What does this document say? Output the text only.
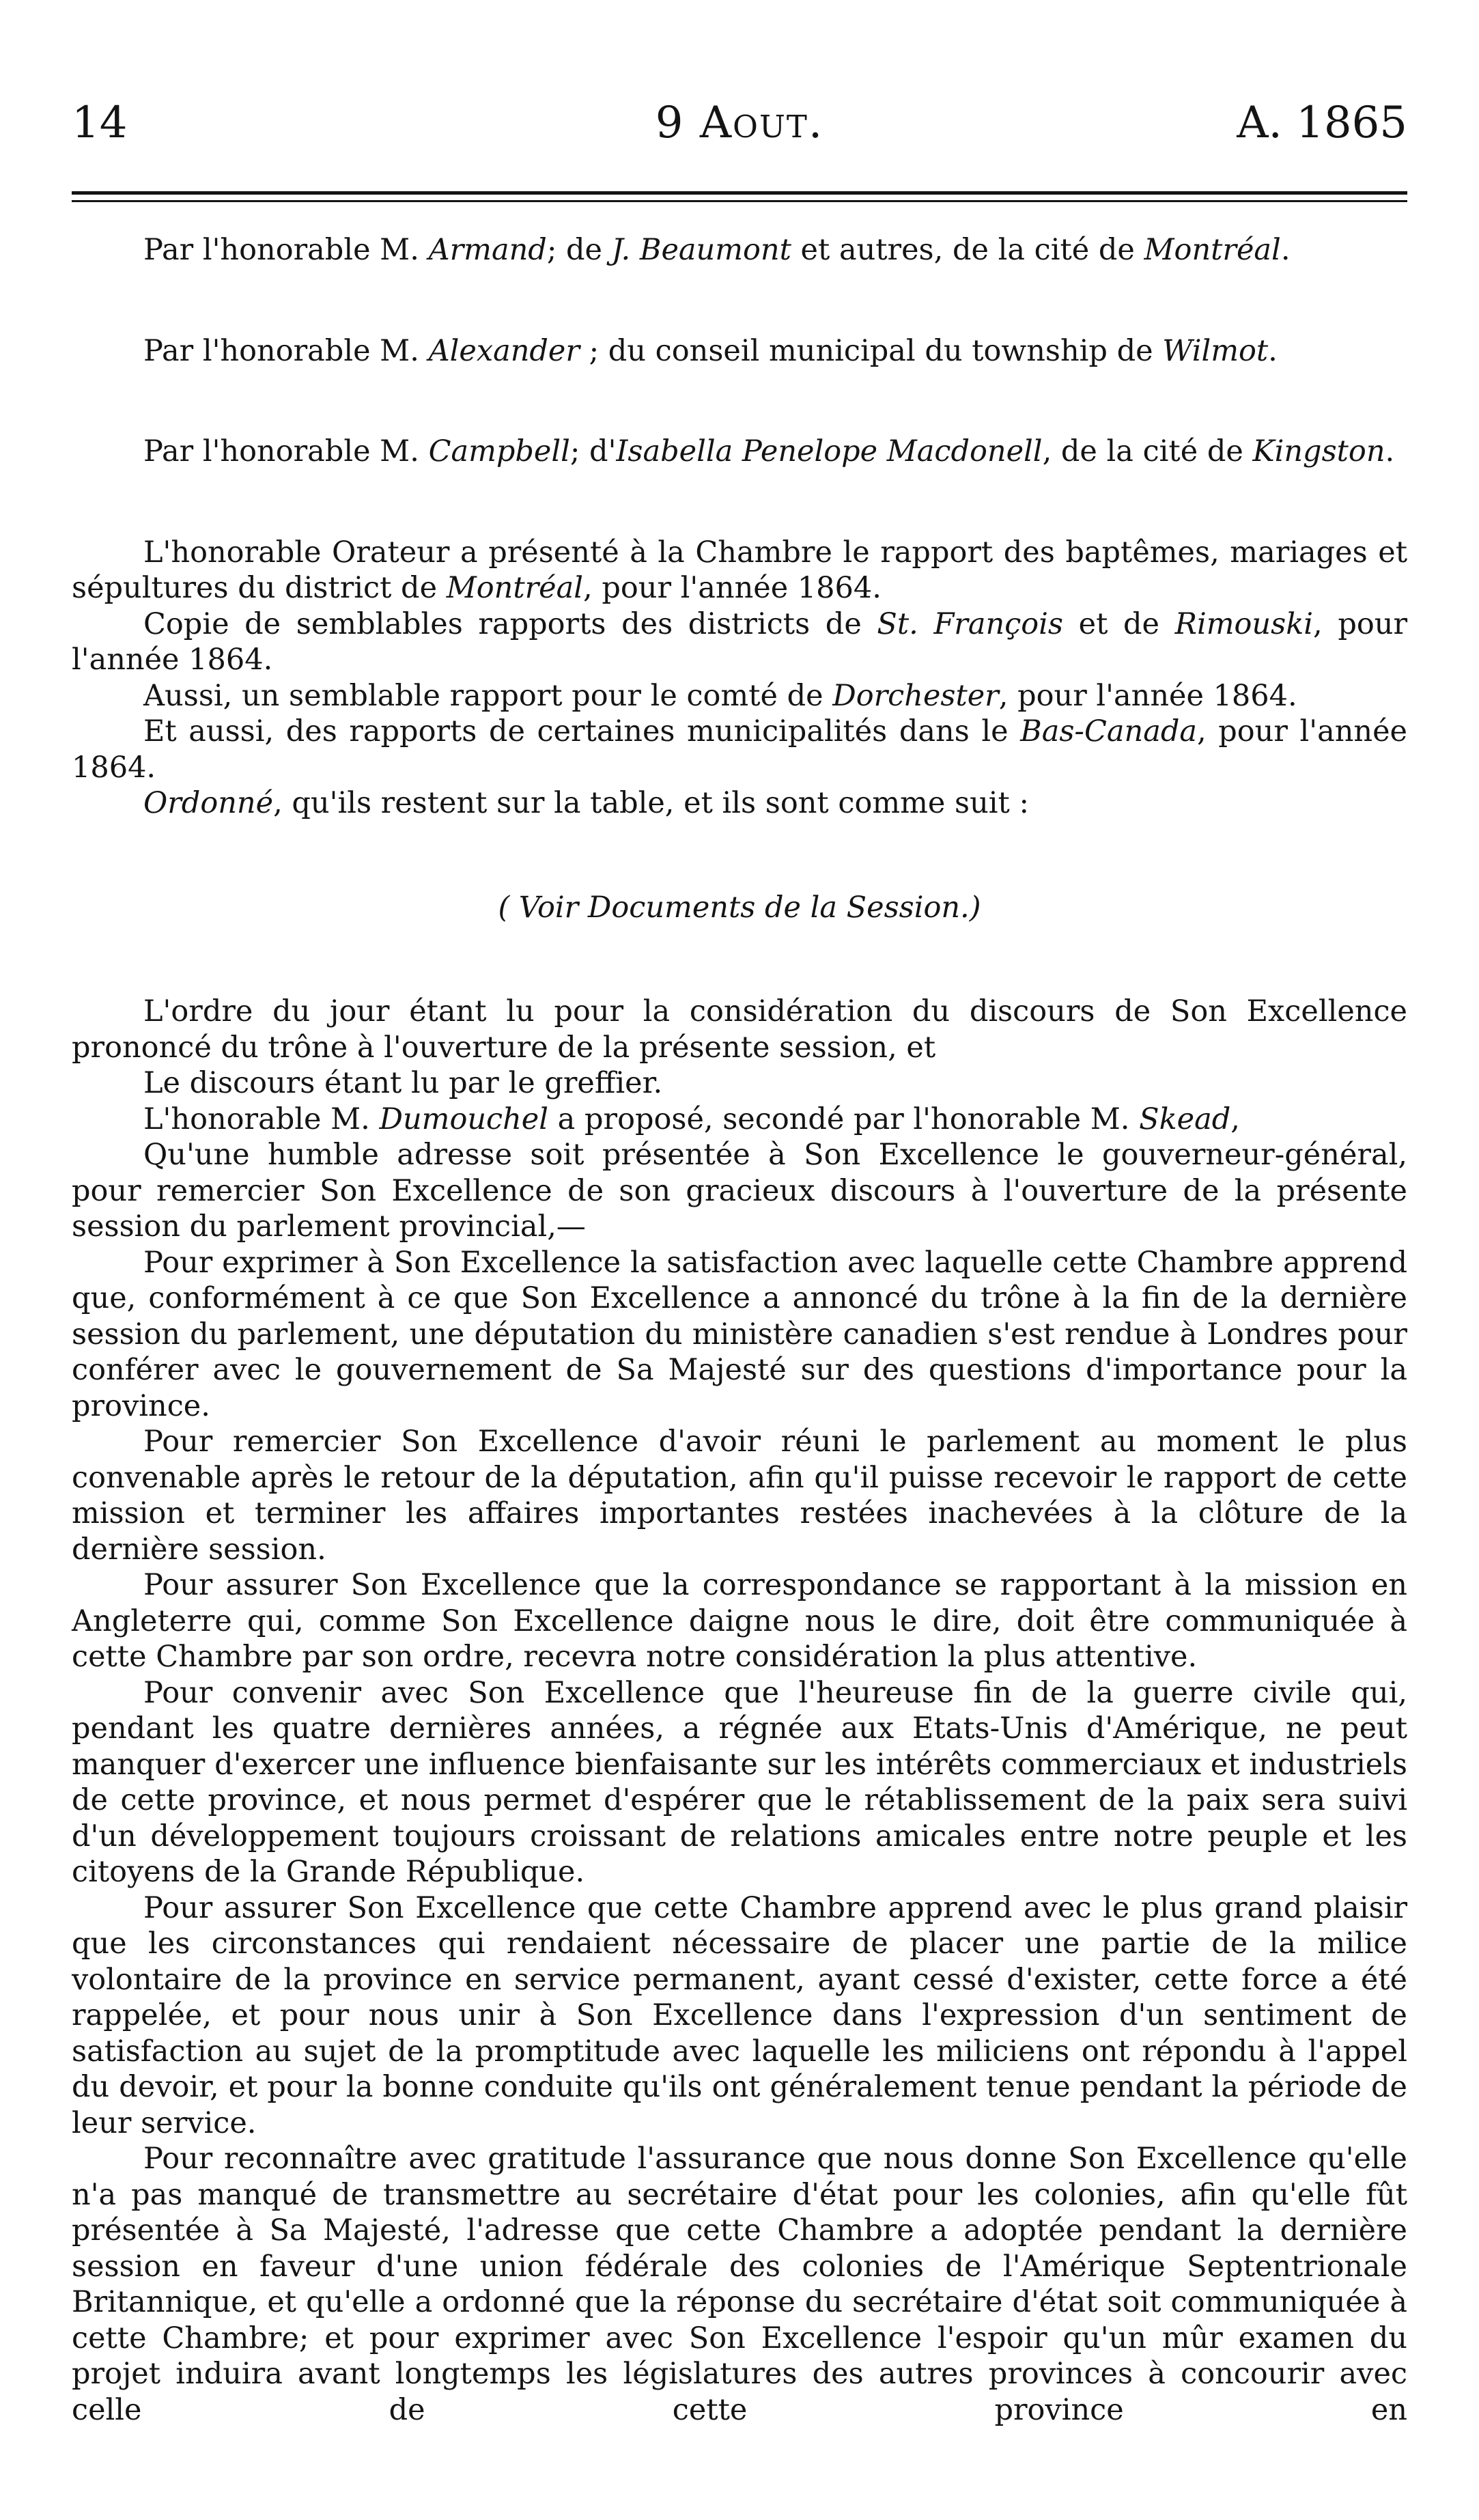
9 Aout.
14	A. 1865

Par l'honorable M. Armand; de J. Beaumont et autres, de la cité de Montréal.

Par l'honorable M. Alexander ; du conseil municipal du township de Wilmot.

Par l'honorable M. Campbell; d'Isabella Penelope Macdonell, de la cité de Kingston.

L'honorable Orateur a présenté à la Chambre le rapport des baptêmes, mariages et sépultures du district de Montréal, pour l'année 1864.

Copie de semblables rapports des districts de St. François et de Rimouski, pour l'année 1864.

Aussi, un semblable rapport pour le comté de Dorchester, pour l'année 1864.

Et aussi, des rapports de certaines municipalités dans le Bas-Canada, pour l'année 1864.

Ordonné, qu'ils restent sur la table, et ils sont comme suit :

( Voir Documents de la Session.)

L'ordre du jour étant lu pour la considération du discours de Son Excellence prononcé du trône à l'ouverture de la présente session, et

Le discours étant lu par le greffier.

L'honorable M. Dumouchel a proposé, secondé par l'honorable M. Skead,

Qu'une humble adresse soit présentée à Son Excellence le gouverneur-général, pour remercier Son Excellence de son gracieux discours à l'ouverture de la présente session du parlement provincial,—

Pour exprimer à Son Excellence la satisfaction avec laquelle cette Chambre apprend que, conformément à ce que Son Excellence a annoncé du trône à la fin de la dernière session du parlement, une députation du ministère canadien s'est rendue à Londres pour conférer avec le gouvernement de Sa Majesté sur des questions d'importance pour la province.

Pour remercier Son Excellence d'avoir réuni le parlement au moment le plus convenable après le retour de la députation, afin qu'il puisse recevoir le rapport de cette mission et terminer les affaires importantes restées inachevées à la clôture de la dernière session.

Pour assurer Son Excellence que la correspondance se rapportant à la mission en Angleterre qui, comme Son Excellence daigne nous le dire, doit être communiquée à cette Chambre par son ordre, recevra notre considération la plus attentive.

Pour convenir avec Son Excellence que l'heureuse fin de la guerre civile qui, pendant les quatre dernières années, a régnée aux Etats-Unis d'Amérique, ne peut manquer d'exercer une influence bienfaisante sur les intérêts commerciaux et industriels de cette province, et nous permet d'espérer que le rétablissement de la paix sera suivi d'un développement toujours croissant de relations amicales entre notre peuple et les citoyens de la Grande République.

Pour assurer Son Excellence que cette Chambre apprend avec le plus grand plaisir que les circonstances qui rendaient nécessaire de placer une partie de la milice volontaire de la province en service permanent, ayant cessé d'exister, cette force a été rappelée, et pour nous unir à Son Excellence dans l'expression d'un sentiment de satisfaction au sujet de la promptitude avec laquelle les miliciens ont répondu à l'appel du devoir, et pour la bonne conduite qu'ils ont généralement tenue pendant la période de leur service.

Pour reconnaître avec gratitude l'assurance que nous donne Son Excellence qu'elle n'a pas manqué de transmettre au secrétaire d'état pour les colonies, afin qu'elle fût présentée à Sa Majesté, l'adresse que cette Chambre a adoptée pendant la dernière session en faveur d'une union fédérale des colonies de l'Amérique Septentrionale Britannique, et qu'elle a ordonné que la réponse du secrétaire d'état soit communiquée à cette Chambre; et pour exprimer avec Son Excellence l'espoir qu'un mûr examen du projet induira avant longtemps les législatures des autres provinces à concourir avec celle de cette province en
